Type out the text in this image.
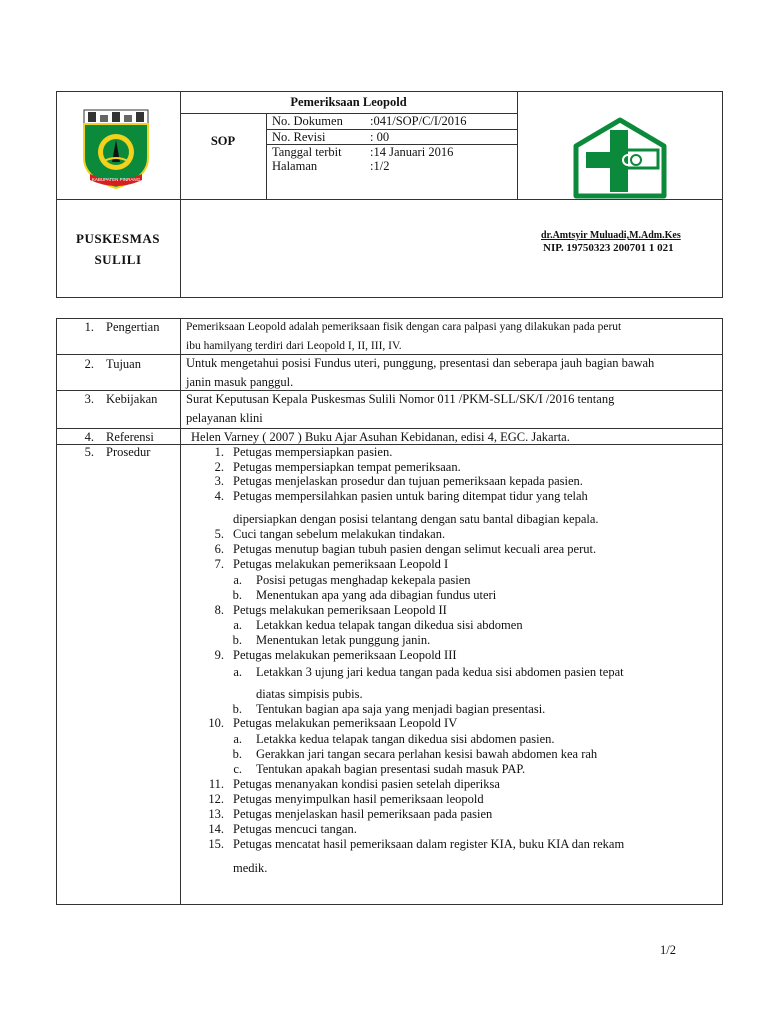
KABUPATEN PINRANG
Pemeriksaan Leopold
SOP
No. Dokumen :041/SOP/C/I/2016
No. Revisi	: 00
Tanggal terbit :14 Januari 2016
Halaman	:1/2
PUSKESMAS
SULILI
dr.Amtsyir Muluadi,M.Adm.Kes
NIP. 19750323 200701 1 021
1. Pengertian
2. Tujuan
3. Kebijakan
4. Referensi
5. Prosedur
Pemeriksaan Leopold adalah pemeriksaan fisik dengan cara palpasi yang dilakukan pada perut
ibu hamilyang terdiri dari Leopold I, II, III, IV.
Untuk mengetahui posisi Fundus uteri, punggung, presentasi dan seberapa jauh bagian bawah
janin masuk panggul.
Surat Keputusan Kepala Puskesmas Sulili Nomor 011 /PKM-SLL/SK/I /2016 tentang
pelayanan klini
Helen Varney ( 2007 ) Buku Ajar Asuhan Kebidanan, edisi 4, EGC. Jakarta.
1. Petugas mempersiapkan pasien.
2. Petugas mempersiapkan tempat pemeriksaan.
3. Petugas menjelaskan prosedur dan tujuan pemeriksaan kepada pasien.
4. Petugas mempersilahkan pasien untuk baring ditempat tidur yang telah
dipersiapkan dengan posisi telantang dengan satu bantal dibagian kepala.
5. Cuci tangan sebelum melakukan tindakan.
6. Petugas menutup bagian tubuh pasien dengan selimut kecuali area perut.
7. Petugas melakukan pemeriksaan Leopold I
a. Posisi petugas menghadap kekepala pasien
b. Menentukan apa yang ada dibagian fundus uteri
8. Petugs melakukan pemeriksaan Leopold II
a. Letakkan kedua telapak tangan dikedua sisi abdomen
b. Menentukan letak punggung janin.
9. Petugas melakukan pemeriksaan Leopold III
a. Letakkan 3 ujung jari kedua tangan pada kedua sisi abdomen pasien tepat
diatas simpisis pubis.
b. Tentukan bagian apa saja yang menjadi bagian presentasi.
10. Petugas melakukan pemeriksaan Leopold IV
a. Letakka kedua telapak tangan dikedua sisi abdomen pasien.
b. Gerakkan jari tangan secara perlahan kesisi bawah abdomen kea rah
c. Tentukan apakah bagian presentasi sudah masuk PAP.
11. Petugas menanyakan kondisi pasien setelah diperiksa
12. Petugas menyimpulkan hasil pemeriksaan leopold
13. Petugas menjelaskan hasil pemeriksaan pada pasien
14. Petugas mencuci tangan.
15. Petugas mencatat hasil pemeriksaan dalam register KIA, buku KIA dan rekam
medik.
1/2
